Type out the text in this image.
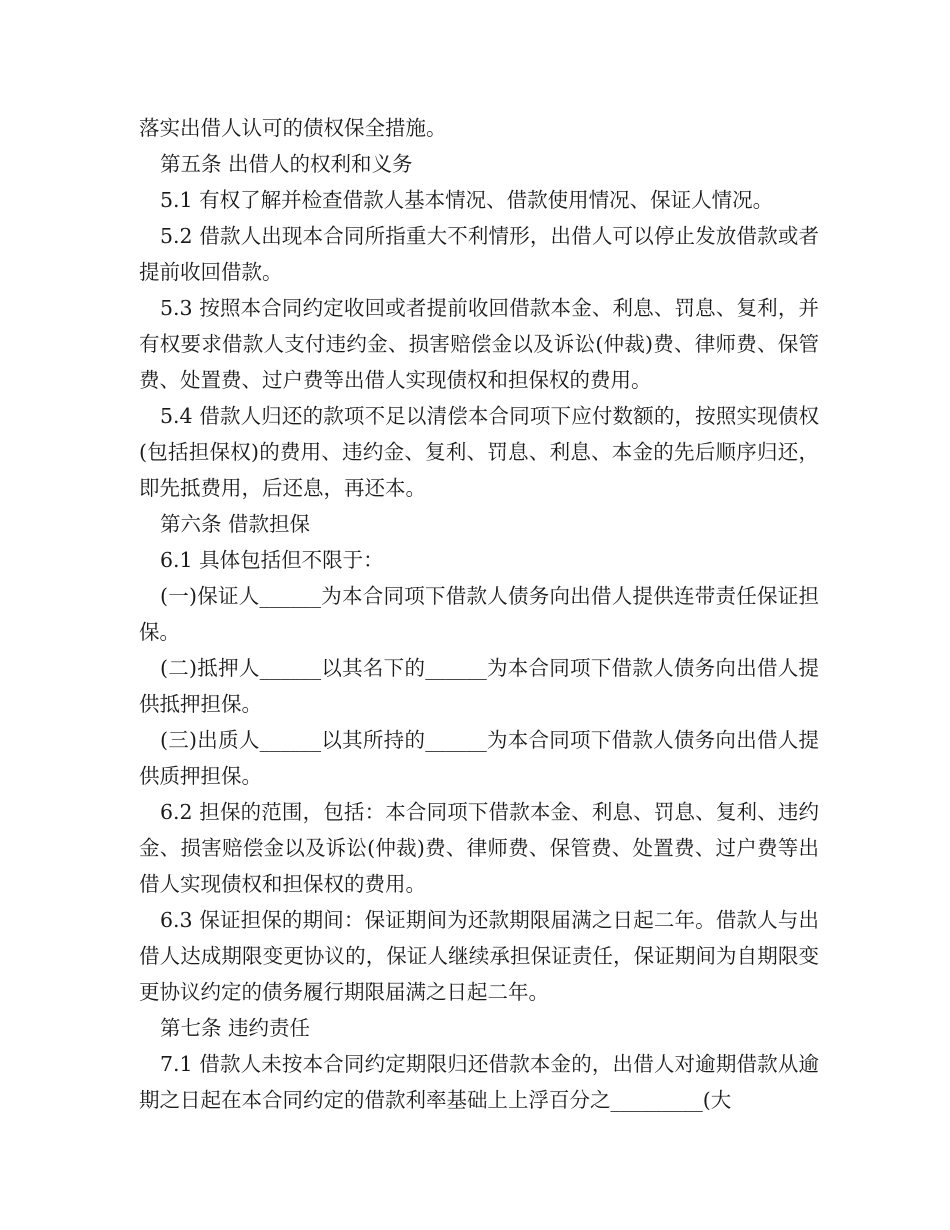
落实出借人认可的债权保全措施。

第五条 出借人的权利和义务

5.1 有权了解并检查借款人基本情况、借款使用情况、保证人情况。

5.2 借款人出现本合同所指重大不利情形，出借人可以停止发放借款或者提前收回借款。

5.3 按照本合同约定收回或者提前收回借款本金、利息、罚息、复利，并有权要求借款人支付违约金、损害赔偿金以及诉讼(仲裁)费、律师费、保管费、处置费、过户费等出借人实现债权和担保权的费用。

5.4 借款人归还的款项不足以清偿本合同项下应付数额的，按照实现债权(包括担保权)的费用、违约金、复利、罚息、利息、本金的先后顺序归还，即先抵费用，后还息，再还本。

第六条 借款担保

6.1 具体包括但不限于：

(一)保证人______为本合同项下借款人债务向出借人提供连带责任保证担保。

(二)抵押人______以其名下的______为本合同项下借款人债务向出借人提供抵押担保。

(三)出质人______以其所持的______为本合同项下借款人债务向出借人提供质押担保。

6.2 担保的范围，包括：本合同项下借款本金、利息、罚息、复利、违约金、损害赔偿金以及诉讼(仲裁)费、律师费、保管费、处置费、过户费等出借人实现债权和担保权的费用。

6.3 保证担保的期间：保证期间为还款期限届满之日起二年。借款人与出借人达成期限变更协议的，保证人继续承担保证责任，保证期间为自期限变更协议约定的债务履行期限届满之日起二年。

第七条 违约责任

7.1 借款人未按本合同约定期限归还借款本金的，出借人对逾期借款从逾期之日起在本合同约定的借款利率基础上上浮百分之_________(大
